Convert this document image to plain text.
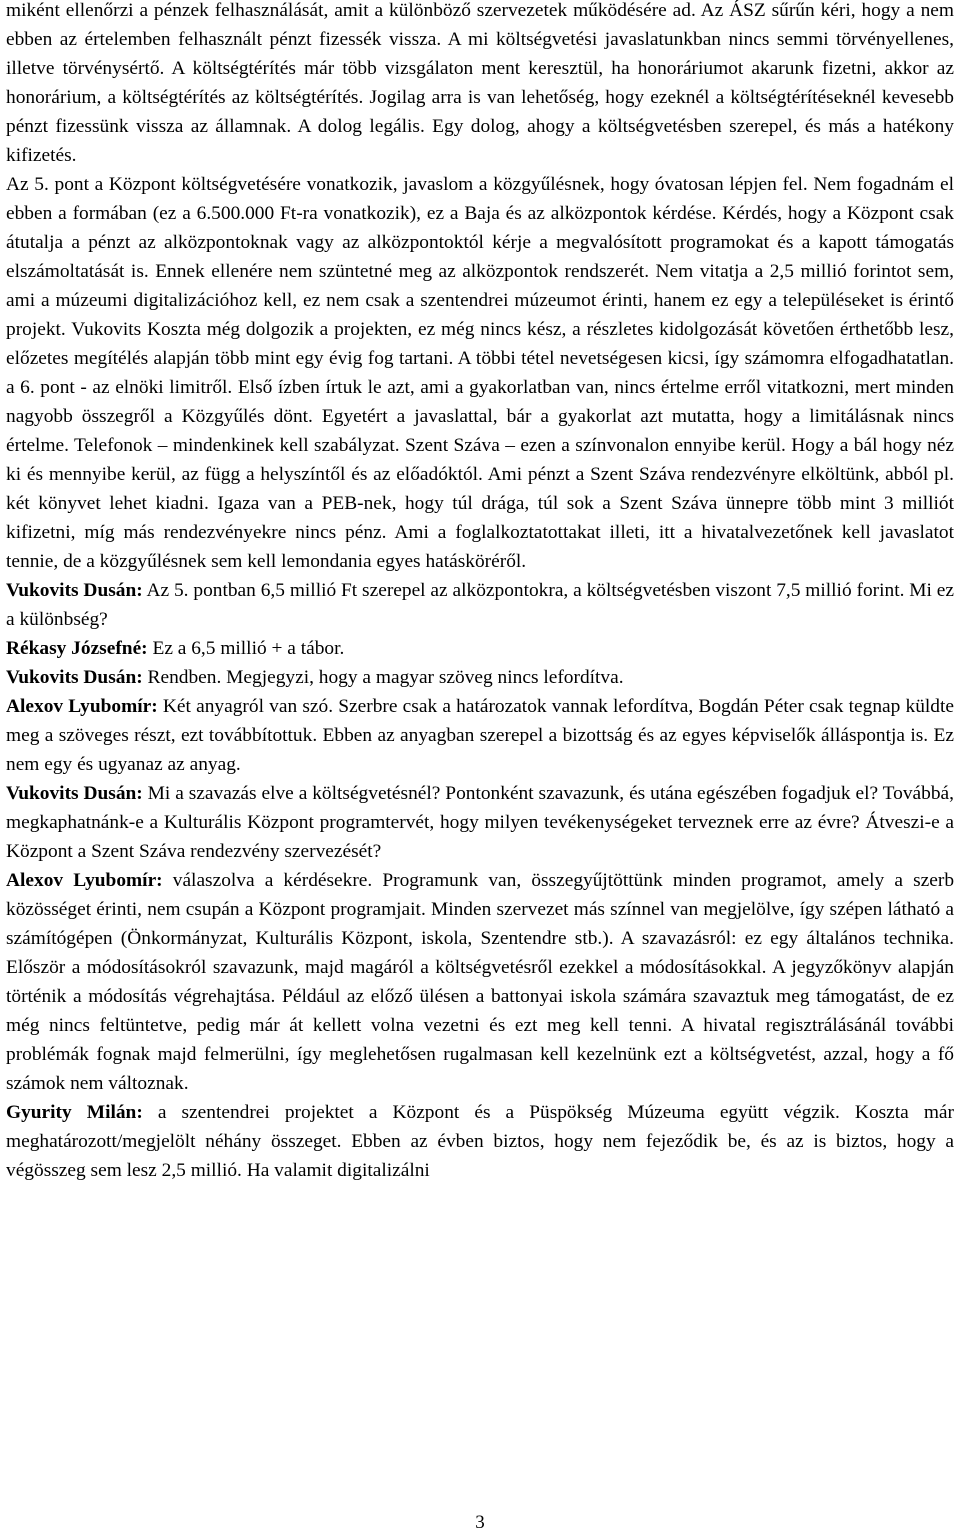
miként ellenőrzi a pénzek felhasználását, amit a különböző szervezetek működésére ad. Az ÁSZ sűrűn kéri, hogy a nem ebben az értelemben felhasznált pénzt fizessék vissza. A mi költségvetési javaslatunkban nincs semmi törvényellenes, illetve törvénysértő. A költségtérítés már több vizsgálaton ment keresztül, ha honoráriumot akarunk fizetni, akkor az honorárium, a költségtérítés az költségtérítés. Jogilag arra is van lehetőség, hogy ezeknél a költségtérítéseknél kevesebb pénzt fizessünk vissza az államnak. A dolog legális. Egy dolog, ahogy a költségvetésben szerepel, és más a hatékony kifizetés.

Az 5. pont a Központ költségvetésére vonatkozik, javaslom a közgyűlésnek, hogy óvatosan lépjen fel. Nem fogadnám el ebben a formában (ez a 6.500.000 Ft-ra vonatkozik), ez a Baja és az alközpontok kérdése. Kérdés, hogy a Központ csak átutalja a pénzt az alközpontoknak vagy az alközpontoktól kérje a megvalósított programokat és a kapott támogatás elszámoltatását is. Ennek ellenére nem szüntetné meg az alközpontok rendszerét. Nem vitatja a 2,5 millió forintot sem, ami a múzeumi digitalizációhoz kell, ez nem csak a szentendrei múzeumot érinti, hanem ez egy a településeket is érintő projekt. Vukovits Koszta még dolgozik a projekten, ez még nincs kész, a részletes kidolgozását követően érthetőbb lesz, előzetes megítélés alapján több mint egy évig fog tartani. A többi tétel nevetségesen kicsi, így számomra elfogadhatatlan. a 6. pont - az elnöki limitről. Első ízben írtuk le azt, ami a gyakorlatban van, nincs értelme erről vitatkozni, mert minden nagyobb összegről a Közgyűlés dönt. Egyetért a javaslattal, bár a gyakorlat azt mutatta, hogy a limitálásnak nincs értelme. Telefonok – mindenkinek kell szabályzat. Szent Száva – ezen a színvonalon ennyibe kerül. Hogy a bál hogy néz ki és mennyibe kerül, az függ a helyszíntől és az előadóktól. Ami pénzt a Szent Száva rendezvényre elköltünk, abból pl. két könyvet lehet kiadni. Igaza van a PEB-nek, hogy túl drága, túl sok a Szent Száva ünnepre több mint 3 milliót kifizetni, míg más rendezvényekre nincs pénz. Ami a foglalkoztatottakat illeti, itt a hivatalvezetőnek kell javaslatot tennie, de a közgyűlésnek sem kell lemondania egyes hatásköréről.

Vukovits Dusán: Az 5. pontban 6,5 millió Ft szerepel az alközpontokra, a költségvetésben viszont 7,5 millió forint. Mi ez a különbség?

Rékasy Józsefné: Ez a 6,5 millió + a tábor.

Vukovits Dusán: Rendben. Megjegyzi, hogy a magyar szöveg nincs lefordítva.

Alexov Lyubomír: Két anyagról van szó. Szerbre csak a határozatok vannak lefordítva, Bogdán Péter csak tegnap küldte meg a szöveges részt, ezt továbbítottuk. Ebben az anyagban szerepel a bizottság és az egyes képviselők álláspontja is. Ez nem egy és ugyanaz az anyag.

Vukovits Dusán: Mi a szavazás elve a költségvetésnél? Pontonként szavazunk, és utána egészében fogadjuk el? Továbbá, megkaphatnánk-e a Kulturális Központ programtervét, hogy milyen tevékenységeket terveznek erre az évre? Átveszi-e a Központ a Szent Száva rendezvény szervezését?

Alexov Lyubomír: válaszolva a kérdésekre. Programunk van, összegyűjtöttünk minden programot, amely a szerb közösséget érinti, nem csupán a Központ programjait. Minden szervezet más színnel van megjelölve, így szépen látható a számítógépen (Önkormányzat, Kulturális Központ, iskola, Szentendre stb.). A szavazásról: ez egy általános technika. Először a módosításokról szavazunk, majd magáról a költségvetésről ezekkel a módosításokkal. A jegyzőkönyv alapján történik a módosítás végrehajtása. Például az előző ülésen a battonyai iskola számára szavaztuk meg támogatást, de ez még nincs feltüntetve, pedig már át kellett volna vezetni és ezt meg kell tenni. A hivatal regisztrálásánál további problémák fognak majd felmerülni, így meglehetősen rugalmasan kell kezelnünk ezt a költségvetést, azzal, hogy a fő számok nem változnak.

Gyurity Milán: a szentendrei projektet a Központ és a Püspökség Múzeuma együtt végzik. Koszta már meghatározott/megjelölt néhány összeget. Ebben az évben biztos, hogy nem fejeződik be, és az is biztos, hogy a végösszeg sem lesz 2,5 millió. Ha valamit digitalizálni

3
